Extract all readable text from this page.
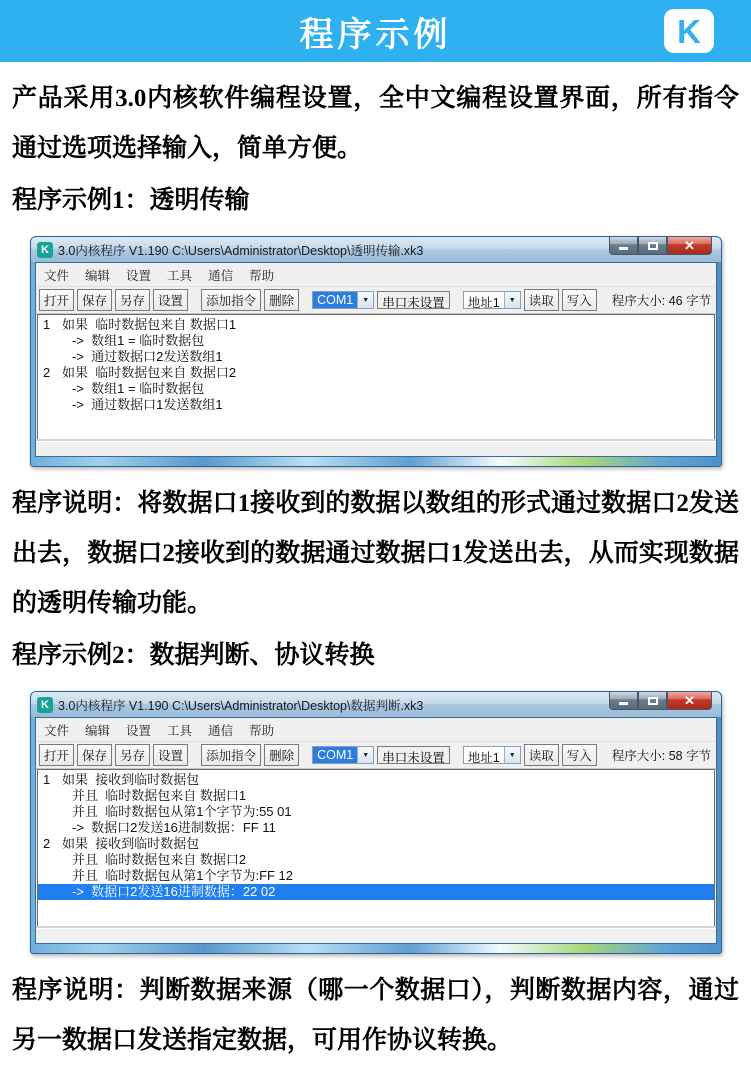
程序示例	K

产品采用3.0内核软件编程设置，全中文编程设置界面，所有指令通过选项选择输入，简单方便。

程序示例1：透明传输

K 3.0内核程序 V1.190 C:\Users\Administrator\Desktop\透明传输.xk3	✕
文件 编辑 设置 工具 通信 帮助
打开	保存	另存	设置	添加指令	删除	COM1	▼	串口未设置	地址1	▼	读取	写入	程序大小: 46 字节
1 如果  临时数据包来自 数据口1
->  数组1 = 临时数据包
->  通过数据口2发送数组1
2 如果  临时数据包来自 数据口2
->  数组1 = 临时数据包
->  通过数据口1发送数组1

程序说明：将数据口1接收到的数据以数组的形式通过数据口2发送出去，数据口2接收到的数据通过数据口1发送出去，从而实现数据的透明传输功能。

程序示例2：数据判断、协议转换

K 3.0内核程序 V1.190 C:\Users\Administrator\Desktop\数据判断.xk3	✕
文件 编辑 设置 工具 通信 帮助
打开	保存	另存	设置	添加指令	删除	COM1	▼	串口未设置	地址1	▼	读取	写入	程序大小: 58 字节
1 如果  接收到临时数据包
并且  临时数据包来自 数据口1
并且  临时数据包从第1个字节为:55 01
->  数据口2发送16进制数据：FF 11
2 如果  接收到临时数据包
并且  临时数据包来自 数据口2
并且  临时数据包从第1个字节为:FF 12
->  数据口2发送16进制数据：22 02

程序说明：判断数据来源（哪一个数据口），判断数据内容，通过另一数据口发送指定数据，可用作协议转换。
